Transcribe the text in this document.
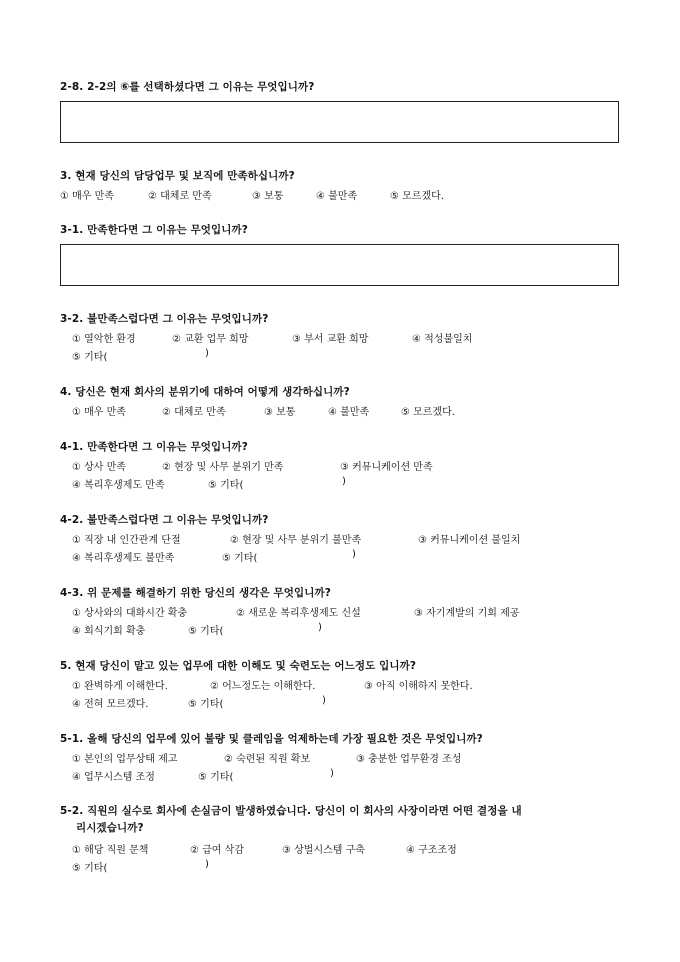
2-8. 2-2의 ⑥를 선택하셨다면 그 이유는 무엇입니까?
3. 현재 당신의 담당업무 및 보직에 만족하십니까?
① 매우 만족	② 대체로 만족	③ 보통	④ 불만족	⑤ 모르겠다.
3-1. 만족한다면 그 이유는 무엇입니까?
3-2. 불만족스럽다면 그 이유는 무엇입니까?
① 열악한 환경	② 교환 업무 희망	③ 부서 교환 희망	④ 적성불일치
⑤ 기타(	)
4. 당신은 현재 회사의 분위기에 대하여 어떻게 생각하십니까?
① 매우 만족	② 대체로 만족	③ 보통	④ 불만족	⑤ 모르겠다.
4-1. 만족한다면 그 이유는 무엇입니까?
① 상사 만족	② 현장 및 사무 분위기 만족	③ 커뮤니케이션 만족
④ 복리후생제도 만족	⑤ 기타(	)
4-2. 불만족스럽다면 그 이유는 무엇입니까?
① 직장 내 인간관계 단절	② 현장 및 사무 분위기 불만족	③ 커뮤니케이션 불일치
④ 복리후생제도 불만족	⑤ 기타(	)
4-3. 위 문제를 해결하기 위한 당신의 생각은 무엇입니까?
① 상사와의 대화시간 확충	② 새로운 복리후생제도 신설	③ 자기계발의 기회 제공
④ 회식기회 확충	⑤ 기타(	)
5. 현재 당신이 맡고 있는 업무에 대한 이해도 및 숙련도는 어느정도 입니까?
① 완벽하게 이해한다.	② 어느정도는 이해한다.	③ 아직 이해하지 못한다.
④ 전혀 모르겠다.	⑤ 기타(	)
5-1. 올해 당신의 업무에 있어 불량 및 클레임을 억제하는데 가장 필요한 것은 무엇입니까?
① 본인의 업무상태 제고	② 숙련된 직원 확보	③ 충분한 업무환경 조성
④ 업무시스템 조정	⑤ 기타(	)
5-2. 직원의 실수로 회사에 손실금이 발생하였습니다. 당신이 이 회사의 사장이라면 어떤 결정을 내
리시겠습니까?
① 해당 직원 문책	② 급여 삭감	③ 상벌시스템 구축	④ 구조조정
⑤ 기타(	)
